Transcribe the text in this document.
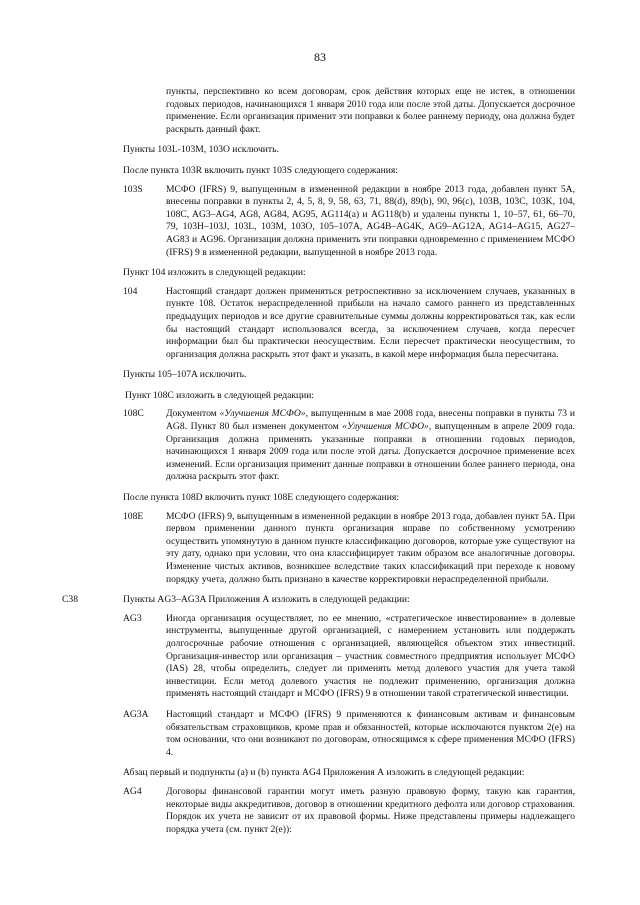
83
пункты, перспективно ко всем договорам, срок действия которых еще не истек, в отношении годовых периодов, начинающихся 1 января 2010 года или после этой даты. Допускается досрочное применение. Если организация применит эти поправки к более раннему периоду, она должна будет раскрыть данный факт.
Пункты 103L-103M, 103O исключить.
После пункта 103R включить пункт 103S следующего содержания:
103S	МСФО (IFRS) 9, выпущенным в измененной редакции в ноябре 2013 года, добавлен пункт 5А, внесены поправки в пункты 2, 4, 5, 8, 9, 58, 63, 71, 88(d), 89(b), 90, 96(c), 103B, 103C, 103K, 104, 108C, AG3–AG4, AG8, AG84, AG95, AG114(a) и AG118(b) и удалены пункты 1, 10–57, 61, 66–70, 79, 103H–103J, 103L, 103M, 103O, 105–107A, AG4B–AG4K, AG9–AG12A, AG14–AG15, AG27–AG83 и AG96. Организация должна применить эти поправки одновременно с применением МСФО (IFRS) 9 в измененной редакции, выпущенной в ноябре 2013 года.
Пункт 104 изложить в следующей редакции:
104	Настоящий стандарт должен применяться ретроспективно за исключением случаев, указанных в пункте 108. Остаток нераспределенной прибыли на начало самого раннего из представленных предыдущих периодов и все другие сравнительные суммы должны корректироваться так, как если бы настоящий стандарт использовался всегда, за исключением случаев, когда пересчет информации был бы практически неосуществим. Если пересчет практически неосуществим, то организация должна раскрыть этот факт и указать, в какой мере информация была пересчитана.
Пункты 105–107A исключить.
Пункт 108C изложить в следующей редакции:
108C	Документом «Улучшения МСФО», выпущенным в мае 2008 года, внесены поправки в пункты 73 и AG8. Пункт 80 был изменен документом «Улучшения МСФО», выпущенным в апреле 2009 года. Организация должна применять указанные поправки в отношении годовых периодов, начинающихся 1 января 2009 года или после этой даты. Допускается досрочное применение всех изменений. Если организация применит данные поправки в отношении более раннего периода, она должна раскрыть этот факт.
После пункта 108D включить пункт 108E следующего содержания:
108E	МСФО (IFRS) 9, выпущенным в измененной редакции в ноябре 2013 года, добавлен пункт 5А. При первом применении данного пункта организация вправе по собственному усмотрению осуществить упомянутую в данном пункте классификацию договоров, которые уже существуют на эту дату, однако при условии, что она классифицирует таким образом все аналогичные договоры. Изменение чистых активов, возникшее вследствие таких классификаций при переходе к новому порядку учета, должно быть признано в качестве корректировки нераспределенной прибыли.
C38	Пункты AG3–AG3A Приложения А изложить в следующей редакции:
AG3	Иногда организация осуществляет, по ее мнению, «стратегическое инвестирование» в долевые инструменты, выпущенные другой организацией, с намерением установить или поддержать долгосрочные рабочие отношения с организацией, являющейся объектом этих инвестиций. Организация-инвестор или организация – участник совместного предприятия использует МСФО (IAS) 28, чтобы определить, следует ли применять метод долевого участия для учета такой инвестиции. Если метод долевого участия не подлежит применению, организация должна применять настоящий стандарт и МСФО (IFRS) 9 в отношении такой стратегической инвестиции.
AG3A	Настоящий стандарт и МСФО (IFRS) 9 применяются к финансовым активам и финансовым обязательствам страховщиков, кроме прав и обязанностей, которые исключаются пунктом 2(e) на том основании, что они возникают по договорам, относящимся к сфере применения МСФО (IFRS) 4.
Абзац первый и подпункты (a) и (b) пункта AG4 Приложения А изложить в следующей редакции:
AG4	Договоры финансовой гарантии могут иметь разную правовую форму, такую как гарантия, некоторые виды аккредитивов, договор в отношении кредитного дефолта или договор страхования. Порядок их учета не зависит от их правовой формы. Ниже представлены примеры надлежащего порядка учета (см. пункт 2(e)):
